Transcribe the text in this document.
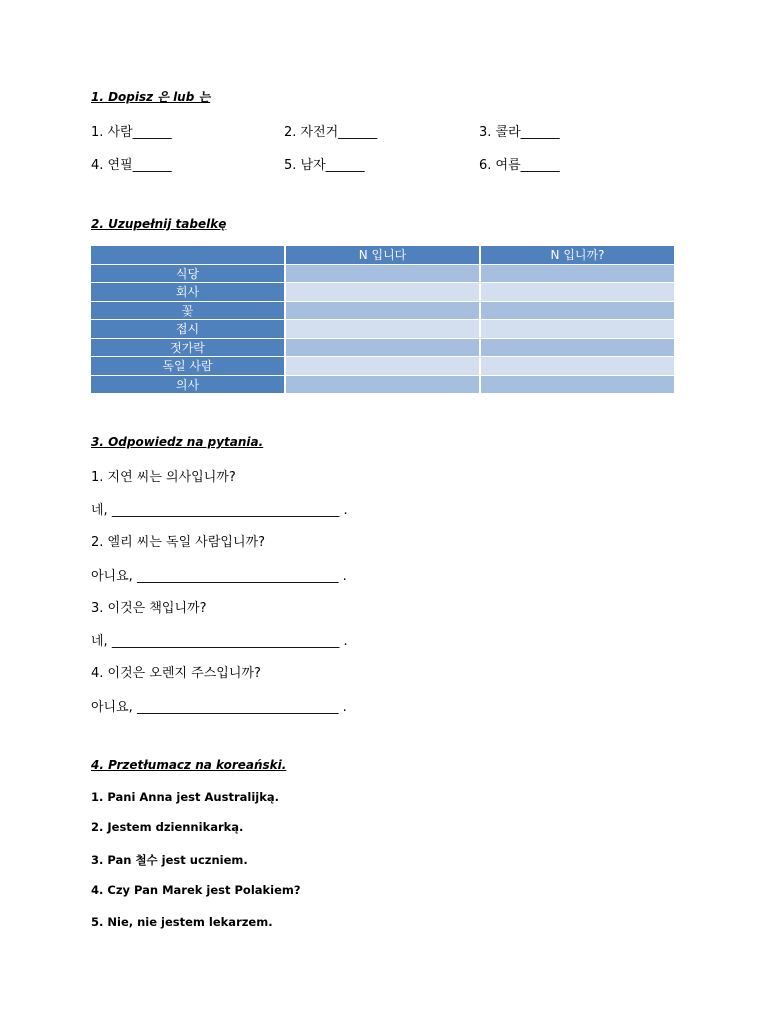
1. Dopisz 은 lub 는
1. 사람______	2. 자전거______	3. 콜라______
4. 연필______	5. 남자______	6. 여름______
2. Uzupełnij tabelkę
	N 입니다	N 입니까?
식당		
회사		
꽃		
접시		
젓가락		
독일 사람		
의사		
3. Odpowiedz na pytania.
1. 지연 씨는 의사입니까?
네, ___________________________________ .
2. 엘리 씨는 독일 사람입니까?
아니요, _______________________________ .
3. 이것은 책입니까?
네, ___________________________________ .
4. 이것은 오렌지 주스입니까?
아니요, _______________________________ .
4. Przetłumacz na koreański.
1. Pani Anna jest Australijką.
2. Jestem dziennikarką.
3. Pan 철수 jest uczniem.
4. Czy Pan Marek jest Polakiem?
5. Nie, nie jestem lekarzem.
